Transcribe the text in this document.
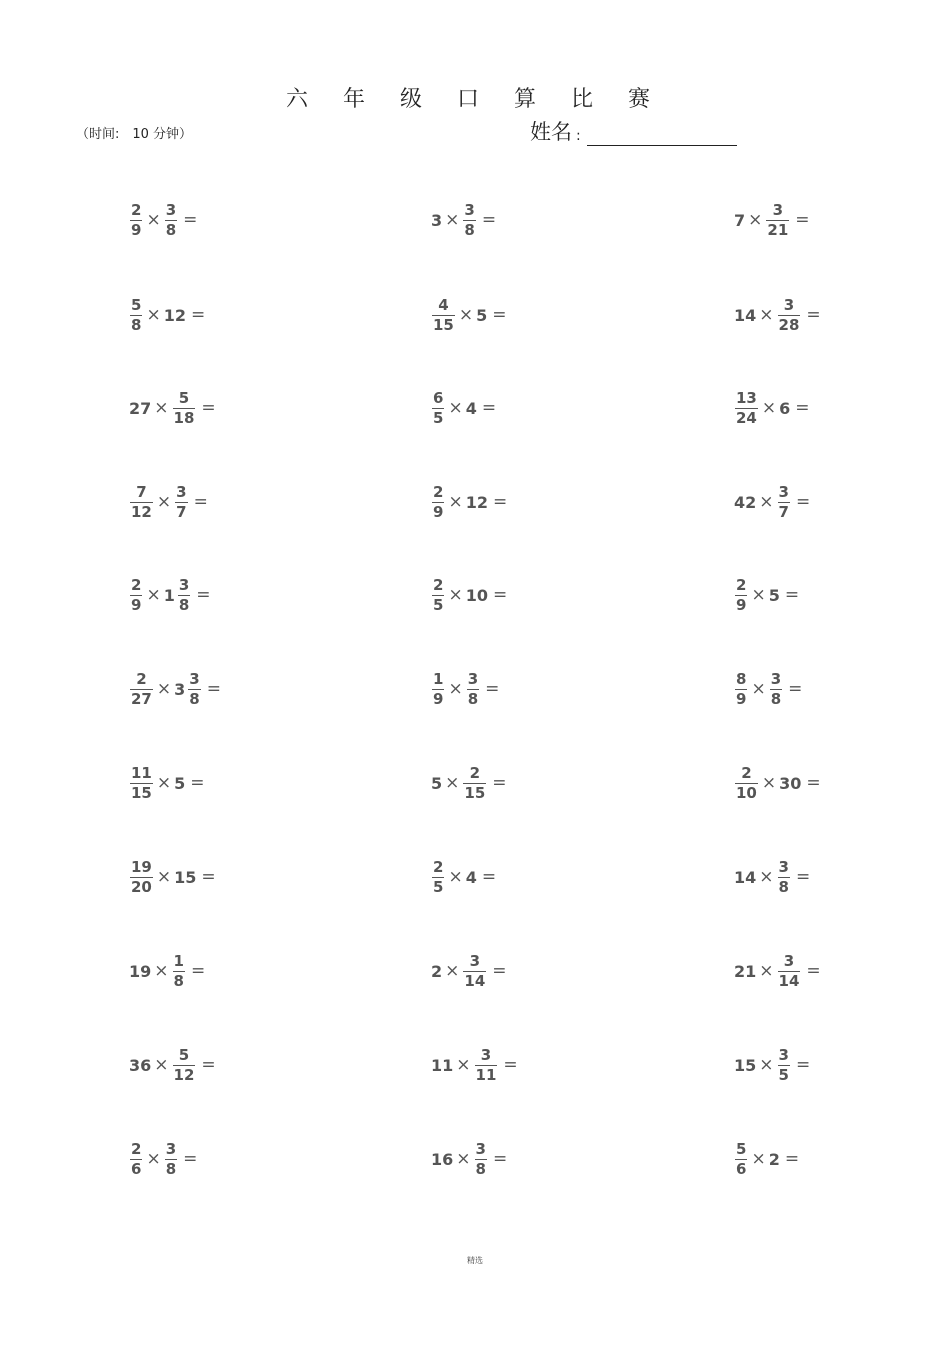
六 年 级 口 算 比 赛
（时间:　10 分钟）	姓名 :
$\frac{2}{9} \times \frac{3}{8}$ =	$3 \times \frac{3}{8}$ =	$7 \times \frac{3}{21}$ =
$\frac{5}{8} \times 12$ =	$\frac{4}{15} \times 5$ =	$14 \times \frac{3}{28}$ =
$27 \times \frac{5}{18}$ =	$\frac{6}{5} \times 4$ =	$\frac{13}{24} \times 6$ =
$\frac{7}{12} \times \frac{3}{7}$ =	$\frac{2}{9} \times 12$ =	$42 \times \frac{3}{7}$ =
$\frac{2}{9} \times 1 \frac{3}{8}$ =	$\frac{2}{5} \times 10$ =	$\frac{2}{9} \times 5$ =
$\frac{2}{27} \times 3 \frac{3}{8}$ =	$\frac{1}{9} \times \frac{3}{8}$ =	$\frac{8}{9} \times \frac{3}{8}$ =
$\frac{11}{15} \times 5$ =	$5 \times \frac{2}{15}$ =	$\frac{2}{10} \times 30$ =
$\frac{19}{20} \times 15$ =	$\frac{2}{5} \times 4$ =	$14 \times \frac{3}{8}$ =
$19 \times \frac{1}{8}$ =	$2 \times \frac{3}{14}$ =	$21 \times \frac{3}{14}$ =
$36 \times \frac{5}{12}$ =	$11 \times \frac{3}{11}$ =	$15 \times \frac{3}{5}$ =
$\frac{2}{6} \times \frac{3}{8}$ =	$16 \times \frac{3}{8}$ =	$\frac{5}{6} \times 2$ =
精选
